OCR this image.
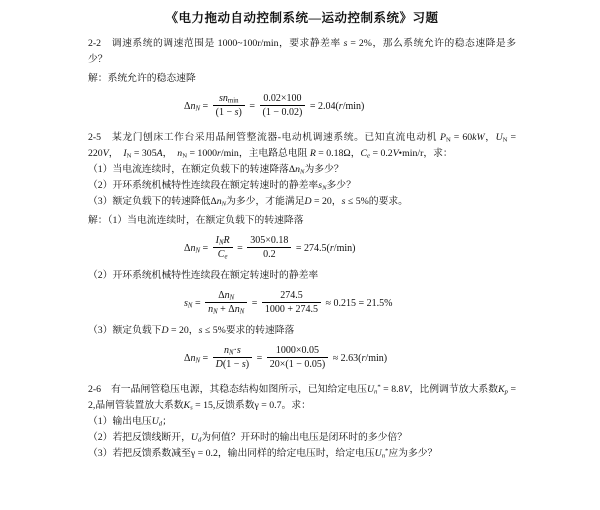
《电力拖动自动控制系统—运动控制系统》习题
2-2　调速系统的调速范围是 1000~100r/min，要求静差率 s = 2%，那么系统允许的稳态速降是多少？
解：系统允许的稳态速降
$\Delta n_N = \frac{sn_{min}}{(1 - s)} = \frac{0.02\times 100}{(1 - 0.02)} = 2.04(r/\min)$
2-5　某龙门刨床工作台采用晶闸管整流器-电动机调速系统。已知直流电动机 $P_N = 60kW$，$U_N = 220V$，　$I_N = 305A$，　$n_N = 1000r/\min$，主电路总电阻 R = 0.18Ω，$C_e$ = 0.2V•min/r，求：
（1）当电流连续时，在额定负载下的转速降落$\Delta n_N$为多少？
（2）开环系统机械特性连续段在额定转速时的静差率$s_N$多少？
（3）额定负载下的转速降低$\Delta n_N$为多少，才能满足D = 20，s ≤ 5%的要求。
解：（1）当电流连续时，在额定负载下的转速降落
$\Delta n_N = \frac{I_NR}{C_e} = \frac{305\times 0.18}{0.2} = 274.5(r/\min)$
（2）开环系统机械特性连续段在额定转速时的静差率
$s_N = \frac{\Delta n_N}{n_N + \Delta n_N} = \frac{274.5}{1000 + 274.5} \approx 0.215 = 21.5\%$
（3）额定负载下D = 20，s ≤ 5%要求的转速降落
$\Delta n_N = \frac{n_N\cdot s}{D(1 - s)} = \frac{1000\times 0.05}{20\times(1 - 0.05)} \approx 2.63(r/\min)$
2-6　有一晶闸管稳压电源，其稳态结构如图所示，已知给定电压$U_n^* = 8.8V$，比例调节放大系数$K_p = 2$,晶闸管装置放大系数$K_s = 15$,反馈系数γ = 0.7。求：
（1）输出电压$U_d$；
（2）若把反馈线断开，$U_d$为何值？开环时的输出电压是闭环时的多少倍？
（3）若把反馈系数减至γ = 0.2，输出同样的给定电压时，给定电压$U_n^*$应为多少？
